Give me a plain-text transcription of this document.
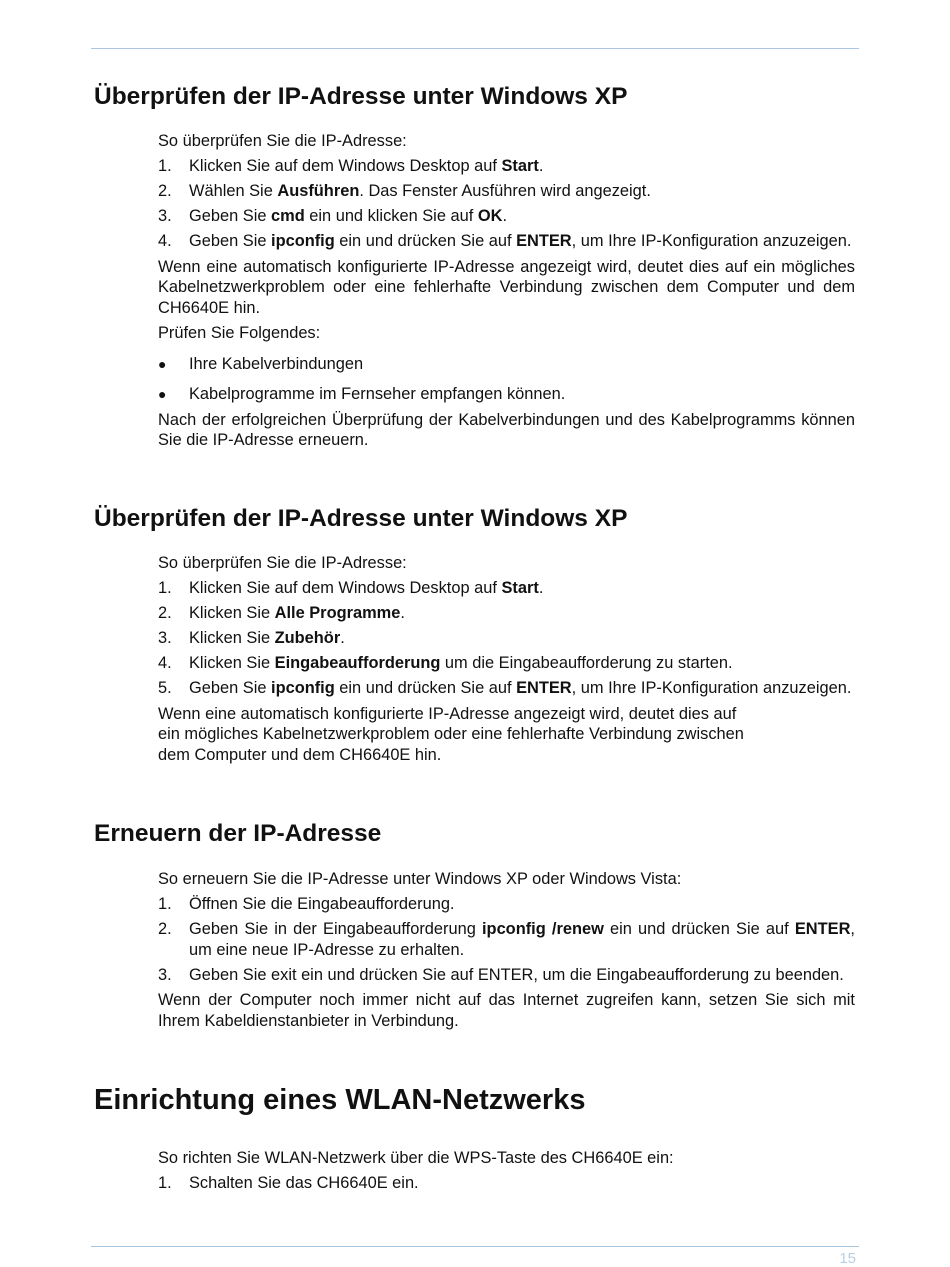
Überprüfen der IP-Adresse unter Windows XP

So überprüfen Sie die IP-Adresse:

1. Klicken Sie auf dem Windows Desktop auf Start.

2. Wählen Sie Ausführen. Das Fenster Ausführen wird angezeigt.

3. Geben Sie cmd ein und klicken Sie auf OK.

4. Geben Sie ipconfig ein und drücken Sie auf ENTER, um Ihre IP-Konfiguration anzuzeigen.

Wenn eine automatisch konfigurierte IP-Adresse angezeigt wird, deutet dies auf ein mögliches Kabelnetzwerkproblem oder eine fehlerhafte Verbindung zwischen dem Computer und dem CH6640E hin.

Prüfen Sie Folgendes:

● Ihre Kabelverbindungen

● Kabelprogramme im Fernseher empfangen können.

Nach der erfolgreichen Überprüfung der Kabelverbindungen und des Kabelprogramms können Sie die IP-Adresse erneuern.

Überprüfen der IP-Adresse unter Windows XP

So überprüfen Sie die IP-Adresse:

1. Klicken Sie auf dem Windows Desktop auf Start.

2. Klicken Sie Alle Programme.

3. Klicken Sie Zubehör.

4. Klicken Sie Eingabeaufforderung um die Eingabeaufforderung zu starten.

5. Geben Sie ipconfig ein und drücken Sie auf ENTER, um Ihre IP-Konfiguration anzuzeigen.

Wenn eine automatisch konfigurierte IP-Adresse angezeigt wird, deutet dies auf

ein mögliches Kabelnetzwerkproblem oder eine fehlerhafte Verbindung zwischen

dem Computer und dem CH6640E hin.

Erneuern der IP-Adresse

So erneuern Sie die IP-Adresse unter Windows XP oder Windows Vista:

1. Öffnen Sie die Eingabeaufforderung.

2. Geben Sie in der Eingabeaufforderung ipconfig /renew ein und drücken Sie auf ENTER, um eine neue IP-Adresse zu erhalten.

3. Geben Sie exit ein und drücken Sie auf ENTER, um die Eingabeaufforderung zu beenden.

Wenn der Computer noch immer nicht auf das Internet zugreifen kann, setzen Sie sich mit Ihrem Kabeldienstanbieter in Verbindung.

Einrichtung eines WLAN-Netzwerks

So richten Sie WLAN-Netzwerk über die WPS-Taste des CH6640E ein:

1. Schalten Sie das CH6640E ein.

15
